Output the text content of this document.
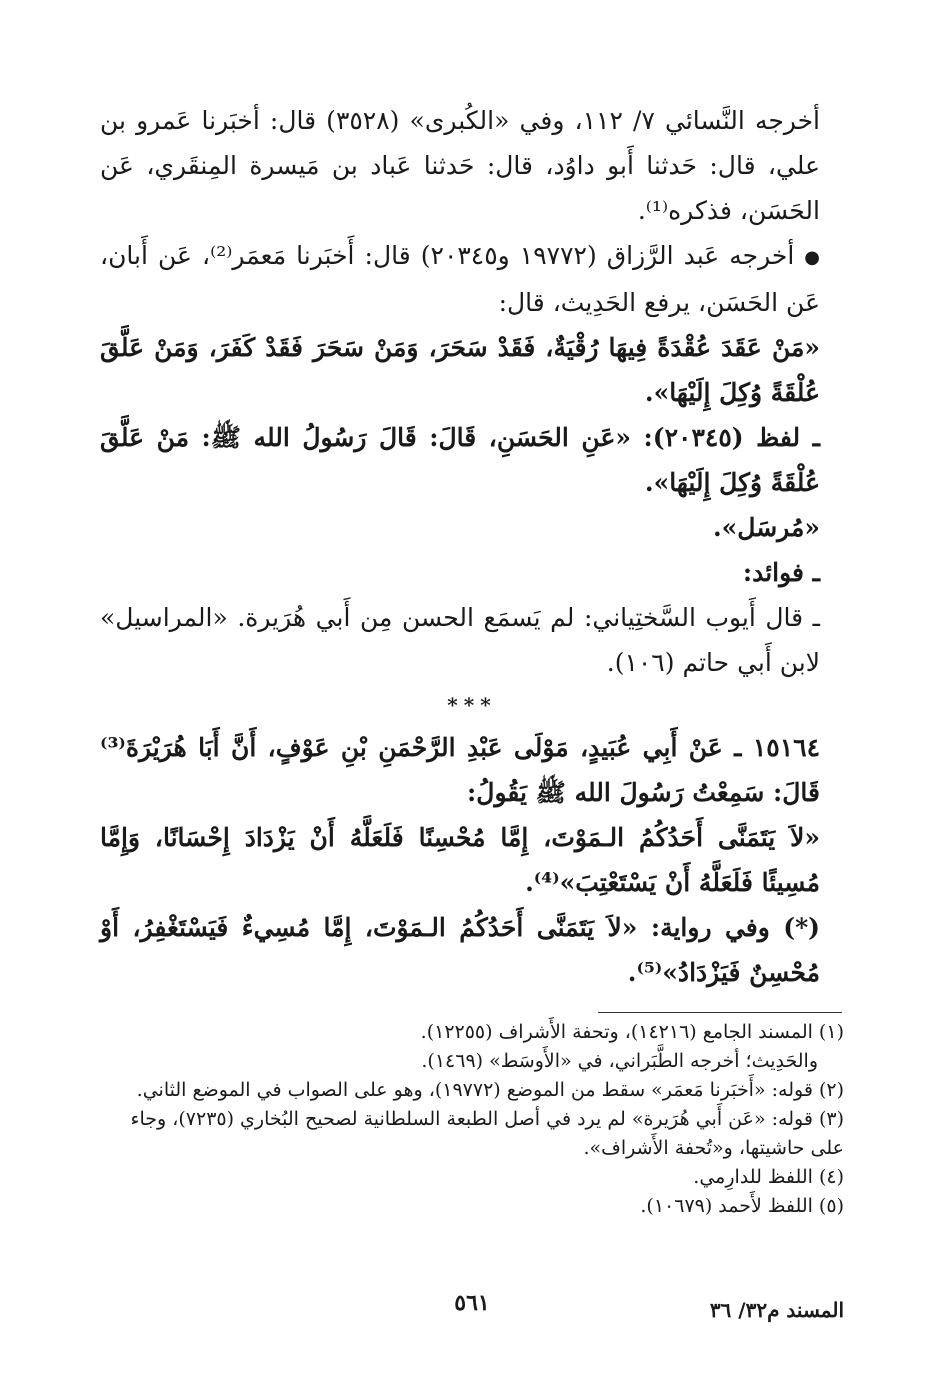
أخرجه النَّسائي ٧/ ١١٢، وفي «الكُبرى» (٣٥٢٨) قال: أخبَرنا عَمرو بن علي، قال: حَدثنا أَبو داوُد، قال: حَدثنا عَباد بن مَيسرة المِنقَري، عَن الحَسَن، فذكره⁽¹⁾.

●أخرجه عَبد الرَّزاق (١٩٧٧٢ و٢٠٣٤٥) قال: أَخبَرنا مَعمَر⁽²⁾، عَن أَبان، عَن الحَسَن، يرفع الحَدِيث، قال:

«مَنْ عَقَدَ عُقْدَةً فِيهَا رُقْيَةٌ، فَقَدْ سَحَرَ، وَمَنْ سَحَرَ فَقَدْ كَفَرَ، وَمَنْ عَلَّقَ عُلْقَةً وُكِلَ إِلَيْهَا».

ـ لفظ (٢٠٣٤٥): «عَنِ الحَسَنِ، قَالَ: قَالَ رَسُولُ الله ﷺ: مَنْ عَلَّقَ عُلْقَةً وُكِلَ إِلَيْهَا».

«مُرسَل».

ـ فوائد:

ـ قال أَيوب السَّختِياني: لم يَسمَع الحسن مِن أَبي هُرَيرة. «المراسيل» لابن أَبي حاتم (١٠٦).

***

١٥١٦٤ ـ عَنْ أَبِي عُبَيدٍ، مَوْلَى عَبْدِ الرَّحْمَنِ بْنِ عَوْفٍ، أَنَّ أَبَا هُرَيْرَةَ⁽³⁾ قَالَ: سَمِعْتُ رَسُولَ الله ﷺ يَقُولُ:

«لاَ يَتَمَنَّى أَحَدُكُمُ الـمَوْتَ، إِمَّا مُحْسِنًا فَلَعَلَّهُ أَنْ يَزْدَادَ إِحْسَانًا، وَإِمَّا مُسِيئًا فَلَعَلَّهُ أَنْ يَسْتَعْتِبَ»⁽⁴⁾.

(*) وفي رواية: «لاَ يَتَمَنَّى أَحَدُكُمُ الـمَوْتَ، إِمَّا مُسِيءٌ فَيَسْتَغْفِرُ، أَوْ مُحْسِنٌ فَيَزْدَادُ»⁽⁵⁾.

(١) المسند الجامع (١٤٢١٦)، وتحفة الأَشراف (١٢٢٥٥).

والحَدِيث؛ أخرجه الطَّبَراني، في «الأَوسَط» (١٤٦٩).

(٢) قوله: «أَخبَرنا مَعمَر» سقط من الموضع (١٩٧٧٢)، وهو على الصواب في الموضع الثاني.

(٣) قوله: «عَن أَبي هُرَيرة» لم يرد في أصل الطبعة السلطانية لصحيح البُخاري (٧٢٣٥)، وجاء على حاشيتها، و«تُحفة الأَشراف».

(٤) اللفظ للدارِمي.

(٥) اللفظ لأَحمد (١٠٦٧٩).

٥٦١	المسند م٣٢/ ٣٦
